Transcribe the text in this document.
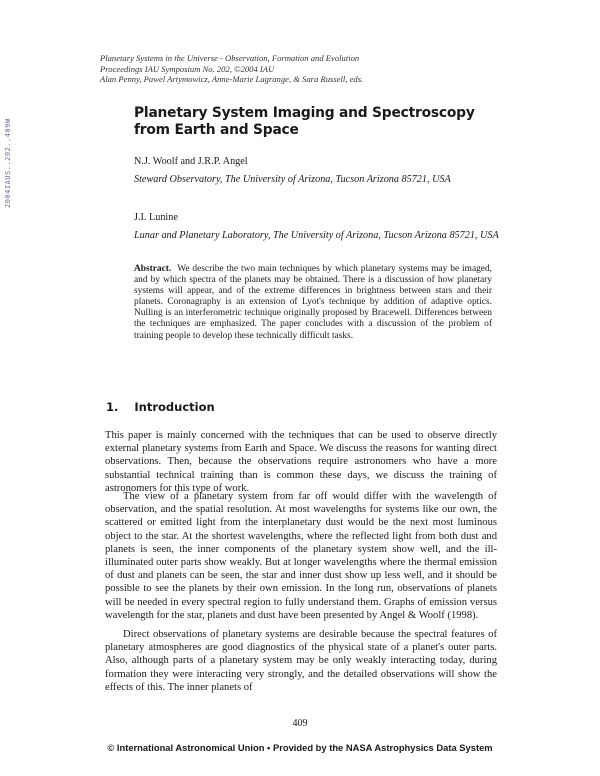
2004IAUS..202..409W
Planetary Systems in the Universe - Observation, Formation and Evolution
Proceedings IAU Symposium No. 202, ©2004 IAU
Alan Penny, Pawel Artymowicz, Anne-Marie Lagrange, & Sara Russell, eds.
Planetary System Imaging and Spectroscopy from Earth and Space
N.J. Woolf and J.R.P. Angel
Steward Observatory, The University of Arizona, Tucson Arizona 85721, USA
J.I. Lunine
Lunar and Planetary Laboratory, The University of Arizona, Tucson Arizona 85721, USA
Abstract. We describe the two main techniques by which planetary systems may be imaged, and by which spectra of the planets may be obtained. There is a discussion of how planetary systems will appear, and of the extreme differences in brightness between stars and their planets. Coronagraphy is an extension of Lyot's technique by addition of adaptive optics. Nulling is an interferometric technique originally proposed by Bracewell. Differences between the techniques are emphasized. The paper concludes with a discussion of the problem of training people to develop these technically difficult tasks.
1. Introduction
This paper is mainly concerned with the techniques that can be used to observe directly external planetary systems from Earth and Space. We discuss the reasons for wanting direct observations. Then, because the observations require astronomers who have a more substantial technical training than is common these days, we discuss the training of astronomers for this type of work.
The view of a planetary system from far off would differ with the wavelength of observation, and the spatial resolution. At most wavelengths for systems like our own, the scattered or emitted light from the interplanetary dust would be the next most luminous object to the star. At the shortest wavelengths, where the reflected light from both dust and planets is seen, the inner components of the planetary system show well, and the ill-illuminated outer parts show weakly. But at longer wavelengths where the thermal emission of dust and planets can be seen, the star and inner dust show up less well, and it should be possible to see the planets by their own emission. In the long run, observations of planets will be needed in every spectral region to fully understand them. Graphs of emission versus wavelength for the star, planets and dust have been presented by Angel & Woolf (1998).
Direct observations of planetary systems are desirable because the spectral features of planetary atmospheres are good diagnostics of the physical state of a planet's outer parts. Also, although parts of a planetary system may be only weakly interacting today, during formation they were interacting very strongly, and the detailed observations will show the effects of this. The inner planets of
409
© International Astronomical Union • Provided by the NASA Astrophysics Data System
